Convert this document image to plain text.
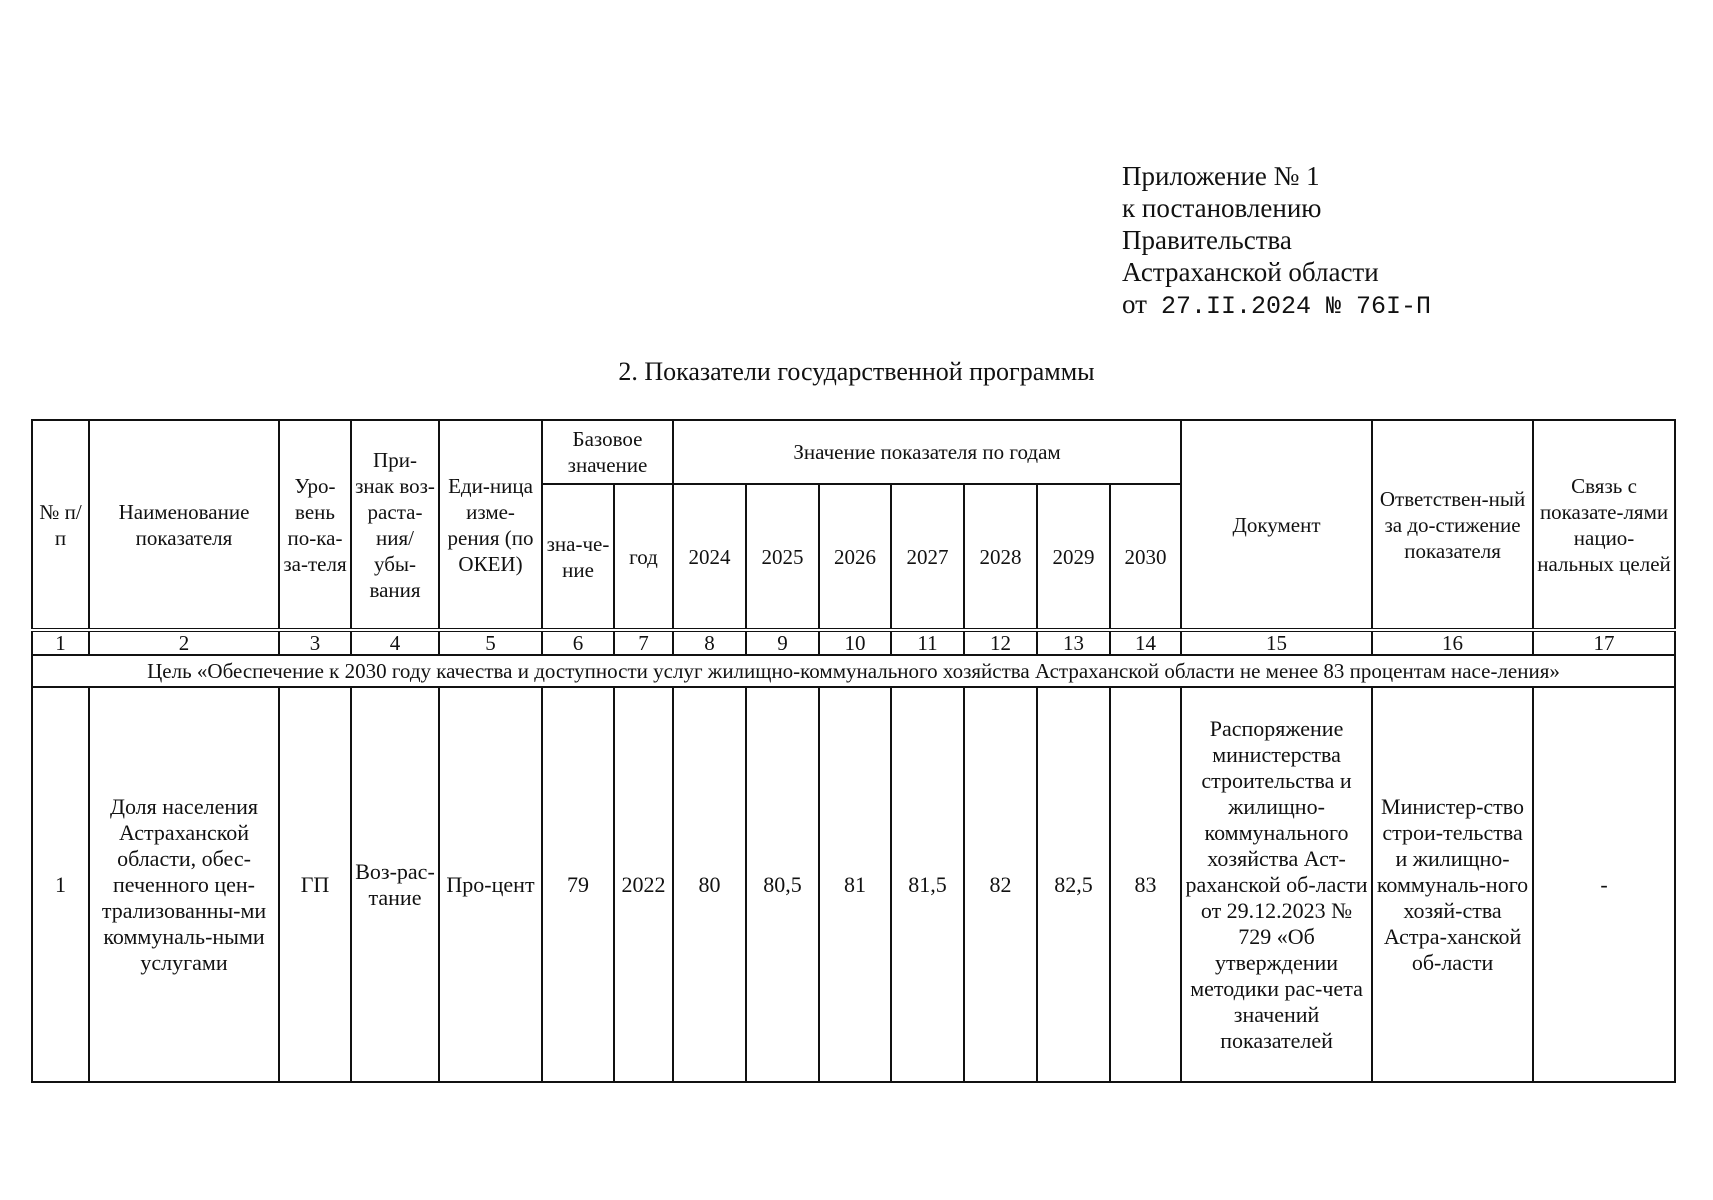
Приложение № 1
к постановлению
Правительства
Астраханской области
от 27.II.2024 № 76I-П
2. Показатели государственной программы
№ п/п	Наименование показателя	Уро-вень по-ка-за-теля	При-знак воз-раста-ния/ убы-вания	Еди-ница изме-рения (по ОКЕИ)	Базовое значение		Значение показателя по годам							Документ	Ответствен-ный за до-стижение показателя	Связь с показате-лями нацио-нальных целей
					зна-че-ние	год	2024	2025	2026	2027	2028	2029	2030			
1	2	3	4	5	6	7	8	9	10	11	12	13	14	15	16	17
Цель «Обеспечение к 2030 году качества и доступности услуг жилищно-коммунального хозяйства Астраханской области не менее 83 процентам насе-ления»																
1	Доля населения Астраханской области, обес-печенного цен-трализованны-ми коммуналь-ными услугами	ГП	Воз-рас-тание	Про-цент	79	2022	80	80,5	81	81,5	82	82,5	83	Распоряжение министерства строительства и жилищно-коммунального хозяйства Аст-раханской об-ласти от 29.12.2023 № 729 «Об утверждении методики рас-чета значений показателей	Министер-ство строи-тельства и жилищно-коммуналь-ного хозяй-ства Астра-ханской об-ласти	-
